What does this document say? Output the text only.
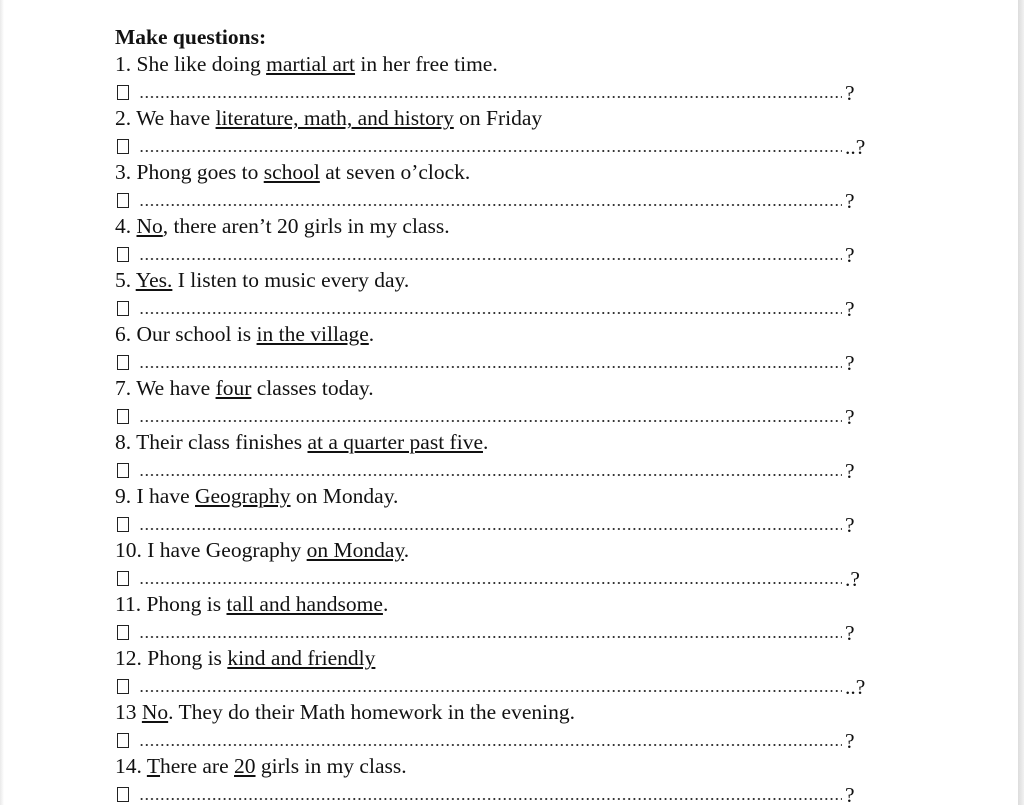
Make questions:
1. She like doing martial art in her free time.
?
2. We have literature, math, and history on Friday
..?
3. Phong goes to school at seven o’clock.
?
4. No, there aren’t 20 girls in my class.
?
5. Yes. I listen to music every day.
?
6. Our school is in the village.
?
7. We have four classes today.
?
8. Their class finishes at a quarter past five.
?
9. I have Geography on Monday.
?
10. I have Geography on Monday.
.?
11. Phong is tall and handsome.
?
12. Phong is kind and friendly
..?
13 No. They do their Math homework in the evening.
?
14. There are 20 girls in my class.
?
